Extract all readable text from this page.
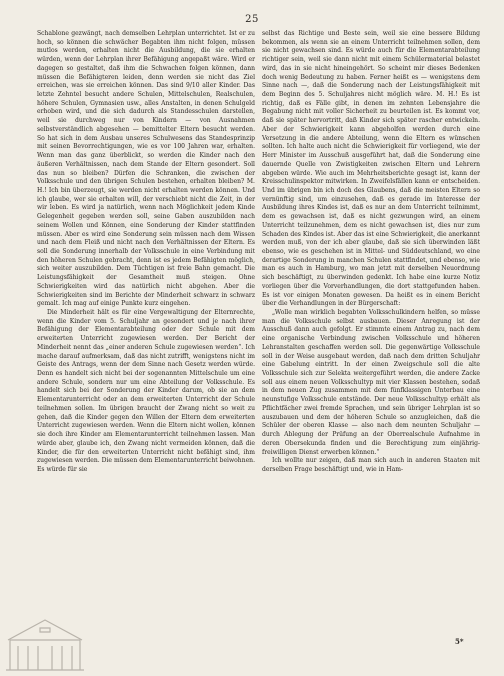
25

Schablone gezwängt, nach demselben Lehrplan unterrichtet. Ist er zu hoch, so können die schwächer Begabten ihm nicht folgen, müssen mutlos werden, erhalten nicht die Ausbildung, die sie erhalten würden, wenn der Lehrplan ihrer Befähigung angepaßt wäre. Wird er dagegen so gestaltet, daß ihm die Schwachen folgen können, dann müssen die Befähigteren leiden, denn werden sie nicht das Ziel erreichen, was sie erreichen können. Das sind 9/10 aller Kinder. Das letzte Zehntel besucht andere Schulen, Mittelschulen, Realschulen, höhere Schulen, Gymnasien usw., alles Anstalten, in denen Schulgeld erhoben wird, und die sich dadurch als Standesschulen darstellen, weil sie durchweg nur von Kindern — von Ausnahmen selbstverständlich abgesehen — bemittelter Eltern besucht werden. So hat sich in dem Ausbau unseres Schulwesens das Standesprinzip mit seinen Bevorrechtigungen, wie es vor 100 Jahren war, erhalten. Wenn man das ganz überblickt, so werden die Kinder nach den äußeren Verhältnissen, nach dem Stande der Eltern gesondert. Soll das nun so bleiben? Dürfen die Schranken, die zwischen der Volksschule und den übrigen Schulen bestehen, erhalten bleiben? M. H.! Ich bin überzeugt, sie werden nicht erhalten werden können. Und ich glaube, wer sie erhalten will, der verschiebt nicht die Zeit, in der wir leben. Es wird ja natürlich, wenn nach Möglichkeit jedem Kinde Gelegenheit gegeben werden soll, seine Gaben auszubilden nach seinem Wollen und Können, eine Sonderung der Kinder stattfinden müssen. Aber es wird eine Sonderung sein müssen nach dem Wissen und nach dem Fleiß und nicht nach den Verhältnissen der Eltern. Es soll die Sonderung innerhalb der Volksschule in eine Verbindung mit den höheren Schulen gebracht, denn ist es jedem Befähigten möglich, sich weiter auszubilden. Dem Tüchtigen ist freie Bahn gemacht. Die Leistungsfähigkeit der Gesamtheit muß steigen. Ohne Schwierigkeiten wird das natürlich nicht abgehen. Aber die Schwierigkeiten sind im Berichte der Minderheit schwarz in schwarz gemalt. Ich mag auf einige Punkte kurz eingehen.

Die Minderheit hält es für eine Vergewaltigung der Elternrechte, wenn die Kinder vom 5. Schuljahr an gesondert und je nach ihrer Befähigung der Elementarabteilung oder der Schule mit dem erweiterten Unterricht zugewiesen werden. Der Bericht der Minderheit nennt das „einer anderen Schule zugewiesen werden“. Ich mache darauf aufmerksam, daß das nicht zutrifft, wenigstens nicht im Geiste des Antrags, wenn der dem Sinne nach Gesetz werden würde. Denn es handelt sich nicht bei der sogenannten Mittelschule um eine andere Schule, sondern nur um eine Abteilung der Volksschule. Es handelt sich bei der Sonderung der Kinder darum, ob sie an dem Elementarunterricht oder an dem erweiterten Unterricht der Schule teilnehmen sollen. Im übrigen braucht der Zwang nicht so weit zu gehen, daß die Kinder gegen den Willen der Eltern dem erweiterten Unterricht zugewiesen werden. Wenn die Eltern nicht wollen, können sie doch ihre Kinder am Elementarunterricht teilnehmen lassen. Man würde aber, glaube ich, den Zwang nicht vermeiden können, daß die Kinder, die für den erweiterten Unterricht nicht befähigt sind, ihm zugewiesen werden. Die müssen dem Elementarunterricht beiwohnen. Es würde für sie

selbst das Richtige und Beste sein, weil sie eine bessere Bildung bekommen, als wenn sie an einem Unterricht teilnehmen sollen, dem sie nicht gewachsen sind. Es würde auch für die Elementarabteilung richtiger sein, weil sie dann nicht mit einem Schülermaterial belastet wird, das in sie nicht hineingehört. So scheint mir dieses Bedenken doch wenig Bedeutung zu haben. Ferner heißt es — wenigstens dem Sinne nach —, daß die Sonderung nach der Leistungsfähigkeit mit dem Beginn des 5. Schuljahres nicht möglich wäre. M. H.! Es ist richtig, daß es Fälle gibt, in denen im zehnten Lebensjahre die Begabung nicht mit voller Sicherheit zu beurteilen ist. Es kommt vor, daß sie später hervortritt, daß Kinder sich später rascher entwickeln. Aber der Schwierigkeit kann abgeholfen werden durch eine Versetzung in die andere Abteilung, wenn die Eltern es wünschen sollten. Ich halte auch nicht die Schwierigkeit für vorliegend, wie der Herr Minister im Ausschuß ausgeführt hat, daß die Sonderung eine dauernde Quelle von Zwistigkeiten zwischen Eltern und Lehrern abgeben würde. Wie auch im Mehrheitsberichte gesagt ist, kann der Kreisschulinspektor mitwirken. In Zweifelsfällen kann er entscheiden. Und im übrigen bin ich doch des Glaubens, daß die meisten Eltern so vernünftig sind, um einzusehen, daß es gerade im Interesse der Ausbildung ihres Kindes ist, daß es nur an dem Unterricht teilnimmt, dem es gewachsen ist, daß es nicht gezwungen wird, an einem Unterricht teilzunehmen, dem es nicht gewachsen ist, dies nur zum Schaden des Kindes ist. Aber das ist eine Schwierigkeit, die anerkannt werden muß, von der ich aber glaube, daß sie sich überwinden läßt ebenso, wie es geschehen ist in Mittel- und Süddeutschland, wo eine derartige Sonderung in manchen Schulen stattfindet, und ebenso, wie man es auch in Hamburg, wo man jetzt mit derselben Neuordnung sich beschäftigt, zu überwinden gedenkt. Ich habe eine kurze Notiz vorliegen über die Vorverhandlungen, die dort stattgefunden haben. Es ist vor einigen Monaten gewesen. Da heißt es in einem Bericht über die Verhandlungen in der Bürgerschaft:

„Wolle man wirklich begabten Volksschulkindern helfen, so müsse man die Volksschule selbst ausbauen. Dieser Anregung ist der Ausschuß dann auch gefolgt. Er stimmte einem Antrag zu, nach dem eine organische Verbindung zwischen Volksschule und höheren Lehranstalten geschaffen werden soll. Die gegenwärtige Volksschule soll in der Weise ausgebaut werden, daß nach dem dritten Schuljahr eine Gabelung eintritt. In der einen Zweigschule soll die alte Volksschule sich zur Selekta weitergeführt werden, die andere Zacke soll aus einem neuen Volksschultyp mit vier Klassen bestehen, sodaß in dem neuen Zug zusammen mit dem fünfklassigen Unterbau eine neunstufige Volksschule entstände. Der neue Volksschultyp erhält als Pflichtfächer zwei fremde Sprachen, und sein übriger Lehrplan ist so auszubauen und dem der höheren Schule so anzugleichen, daß die Schüler der oberen Klasse — also nach dem neunten Schuljahr — durch Ablegung der Prüfung an der Oberrealschule Aufnahme in deren Obersekunda finden und die Berechtigung zum einjährig-freiwilligen Dienst erwerben können.“

Ich wollte nur zeigen, daß man sich auch in anderen Staaten mit derselben Frage beschäftigt und, wie in Ham-

5*
